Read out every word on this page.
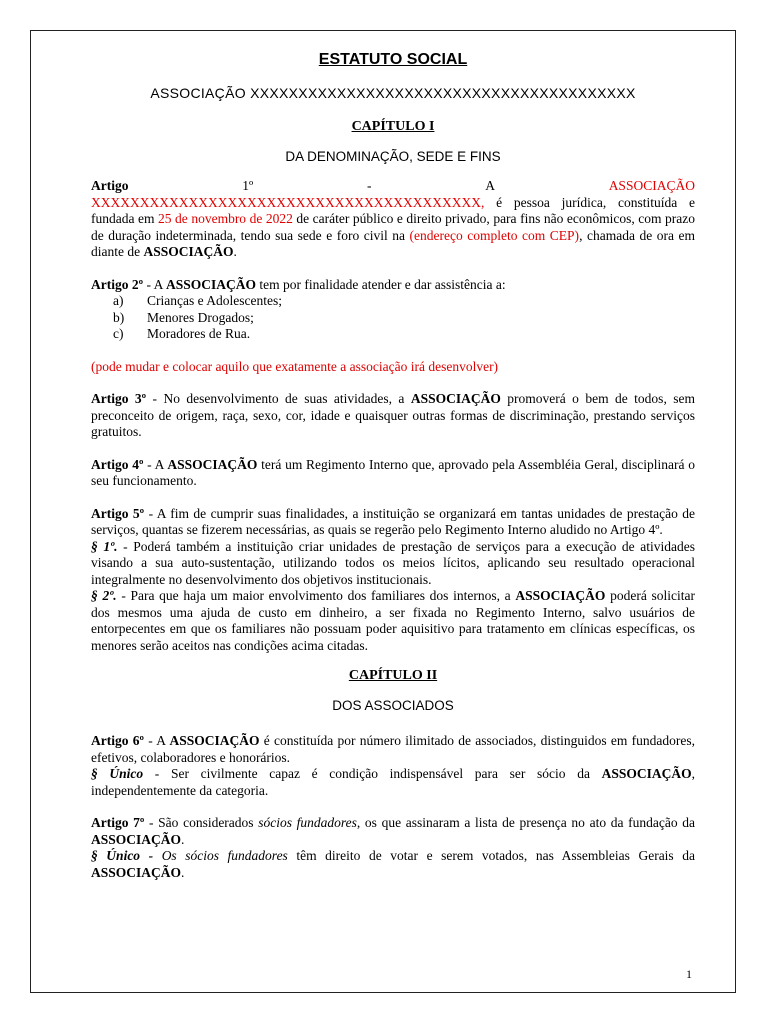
ESTATUTO SOCIAL
ASSOCIAÇÃO XXXXXXXXXXXXXXXXXXXXXXXXXXXXXXXXXXXXXXXX
CAPÍTULO I
DA DENOMINAÇÃO, SEDE E FINS
Artigo	1º	-	A	ASSOCIAÇÃO

XXXXXXXXXXXXXXXXXXXXXXXXXXXXXXXXXXXXXXXX, é pessoa jurídica, constituída e fundada em 25 de novembro de 2022 de caráter público e direito privado, para fins não econômicos, com prazo de duração indeterminada, tendo sua sede e foro civil na (endereço completo com CEP), chamada de ora em diante de ASSOCIAÇÃO.

Artigo 2º - A ASSOCIAÇÃO tem por finalidade atender e dar assistência a:

a)	Crianças e Adolescentes;
b)	Menores Drogados;
c)	Moradores de Rua.

(pode mudar e colocar aquilo que exatamente a associação irá desenvolver)

Artigo 3º - No desenvolvimento de suas atividades, a ASSOCIAÇÃO promoverá o bem de todos, sem preconceito de origem, raça, sexo, cor, idade e quaisquer outras formas de discriminação, prestando serviços gratuitos.

Artigo 4º - A ASSOCIAÇÃO terá um Regimento Interno que, aprovado pela Assembléia Geral, disciplinará o seu funcionamento.

Artigo 5º - A fim de cumprir suas finalidades, a instituição se organizará em tantas unidades de prestação de serviços, quantas se fizerem necessárias, as quais se regerão pelo Regimento Interno aludido no Artigo 4º.

§ 1º. - Poderá também a instituição criar unidades de prestação de serviços para a execução de atividades visando a sua auto-sustentação, utilizando todos os meios lícitos, aplicando seu resultado operacional integralmente no desenvolvimento dos objetivos institucionais.

§ 2º. - Para que haja um maior envolvimento dos familiares dos internos, a ASSOCIAÇÃO poderá solicitar dos mesmos uma ajuda de custo em dinheiro, a ser fixada no Regimento Interno, salvo usuários de entorpecentes em que os familiares não possuam poder aquisitivo para tratamento em clínicas específicas, os menores serão aceitos nas condições acima citadas.

CAPÍTULO II
DOS ASSOCIADOS

Artigo 6º - A ASSOCIAÇÃO é constituída por número ilimitado de associados, distinguidos em fundadores, efetivos, colaboradores e honorários.

§ Único - Ser civilmente capaz é condição indispensável para ser sócio da ASSOCIAÇÃO, independentemente da categoria.

Artigo 7º - São considerados sócios fundadores, os que assinaram a lista de presença no ato da fundação da ASSOCIAÇÃO.

§ Único - Os sócios fundadores têm direito de votar e serem votados, nas Assembleias Gerais da ASSOCIAÇÃO.

1
